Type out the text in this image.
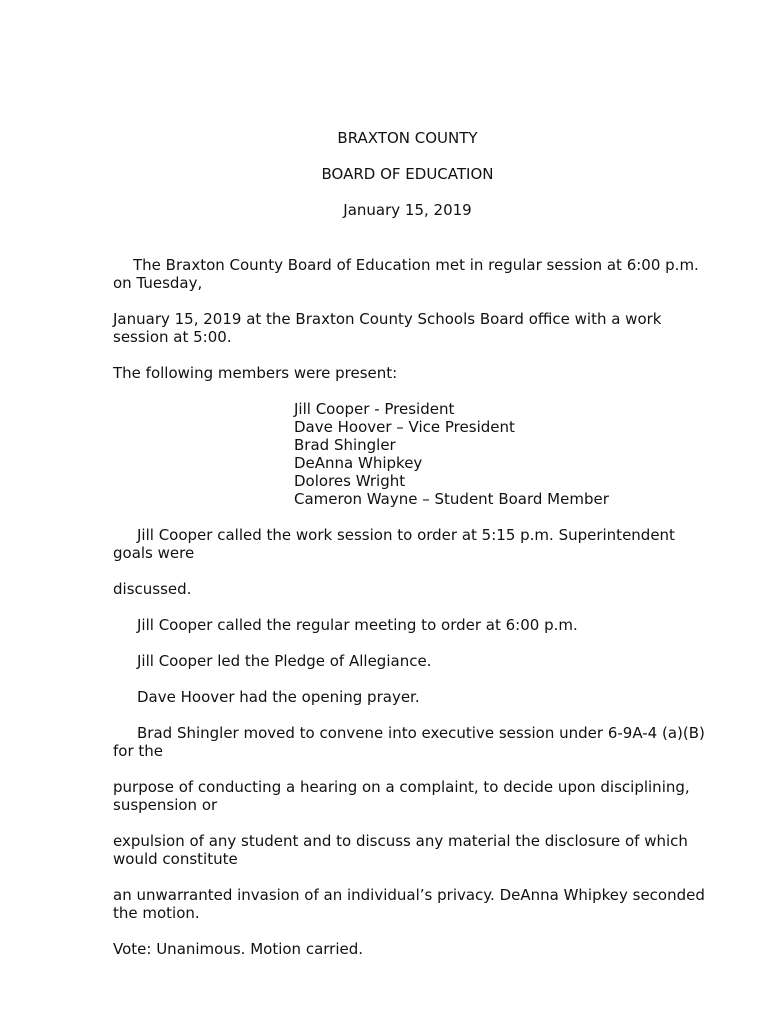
BRAXTON COUNTY
BOARD OF EDUCATION
January 15, 2019

The Braxton County Board of Education met in regular session at 6:00 p.m. on Tuesday,

January 15, 2019 at the Braxton County Schools Board office with a work session at 5:00.

The following members were present:

Jill Cooper - President
Dave Hoover – Vice President
Brad Shingler
DeAnna Whipkey
Dolores Wright
Cameron Wayne – Student Board Member

Jill Cooper called the work session to order at 5:15 p.m. Superintendent goals were

discussed.

Jill Cooper called the regular meeting to order at 6:00 p.m.

Jill Cooper led the Pledge of Allegiance.

Dave Hoover had the opening prayer.

Brad Shingler moved to convene into executive session under 6-9A-4 (a)(B) for the

purpose of conducting a hearing on a complaint, to decide upon disciplining, suspension or

expulsion of any student and to discuss any material the disclosure of which would constitute

an unwarranted invasion of an individual’s privacy. DeAnna Whipkey seconded the motion.

Vote: Unanimous. Motion carried.
